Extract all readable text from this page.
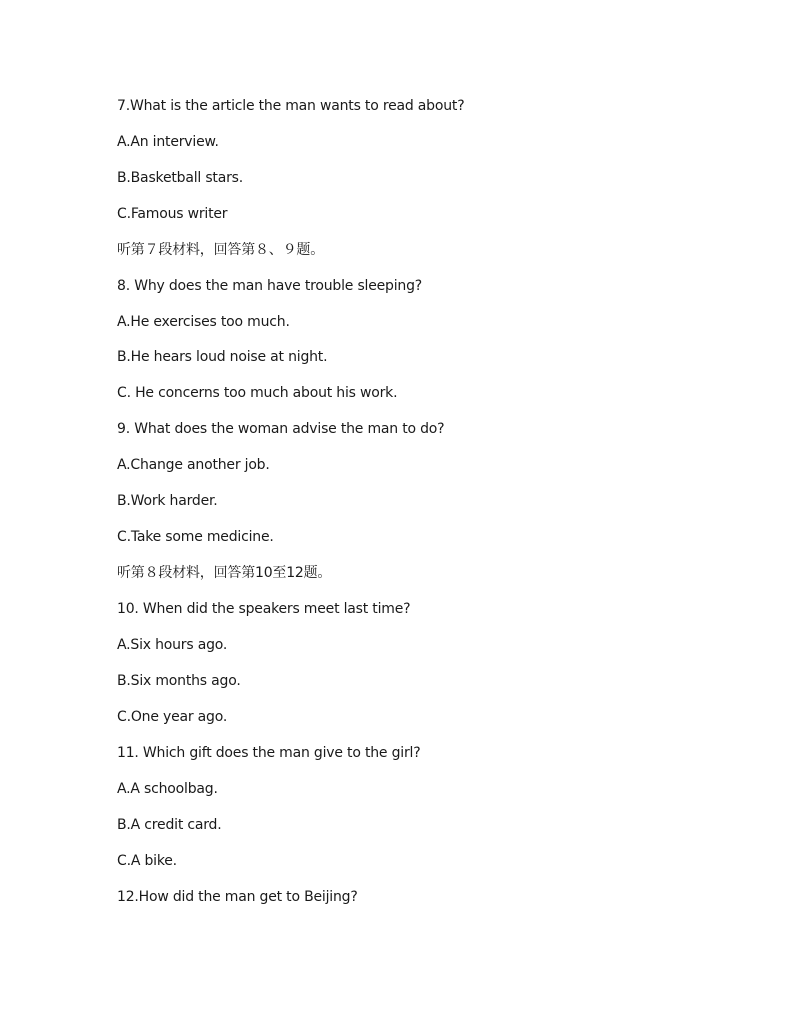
7.What is the article the man wants to read about?
A.An interview.
B.Basketball stars.
C.Famous writer
听第７段材料，回答第８、９题。
8. Why does the man have trouble sleeping?
A.He exercises too much.
B.He hears loud noise at night.
C. He concerns too much about his work.
9. What does the woman advise the man to do?
A.Change another job.
B.Work harder.
C.Take some medicine.
听第８段材料，回答第10至12题。
10. When did the speakers meet last time?
A.Six hours ago.
B.Six months ago.
C.One year ago.
11. Which gift does the man give to the girl?
A.A schoolbag.
B.A credit card.
C.A bike.
12.How did the man get to Beijing?
